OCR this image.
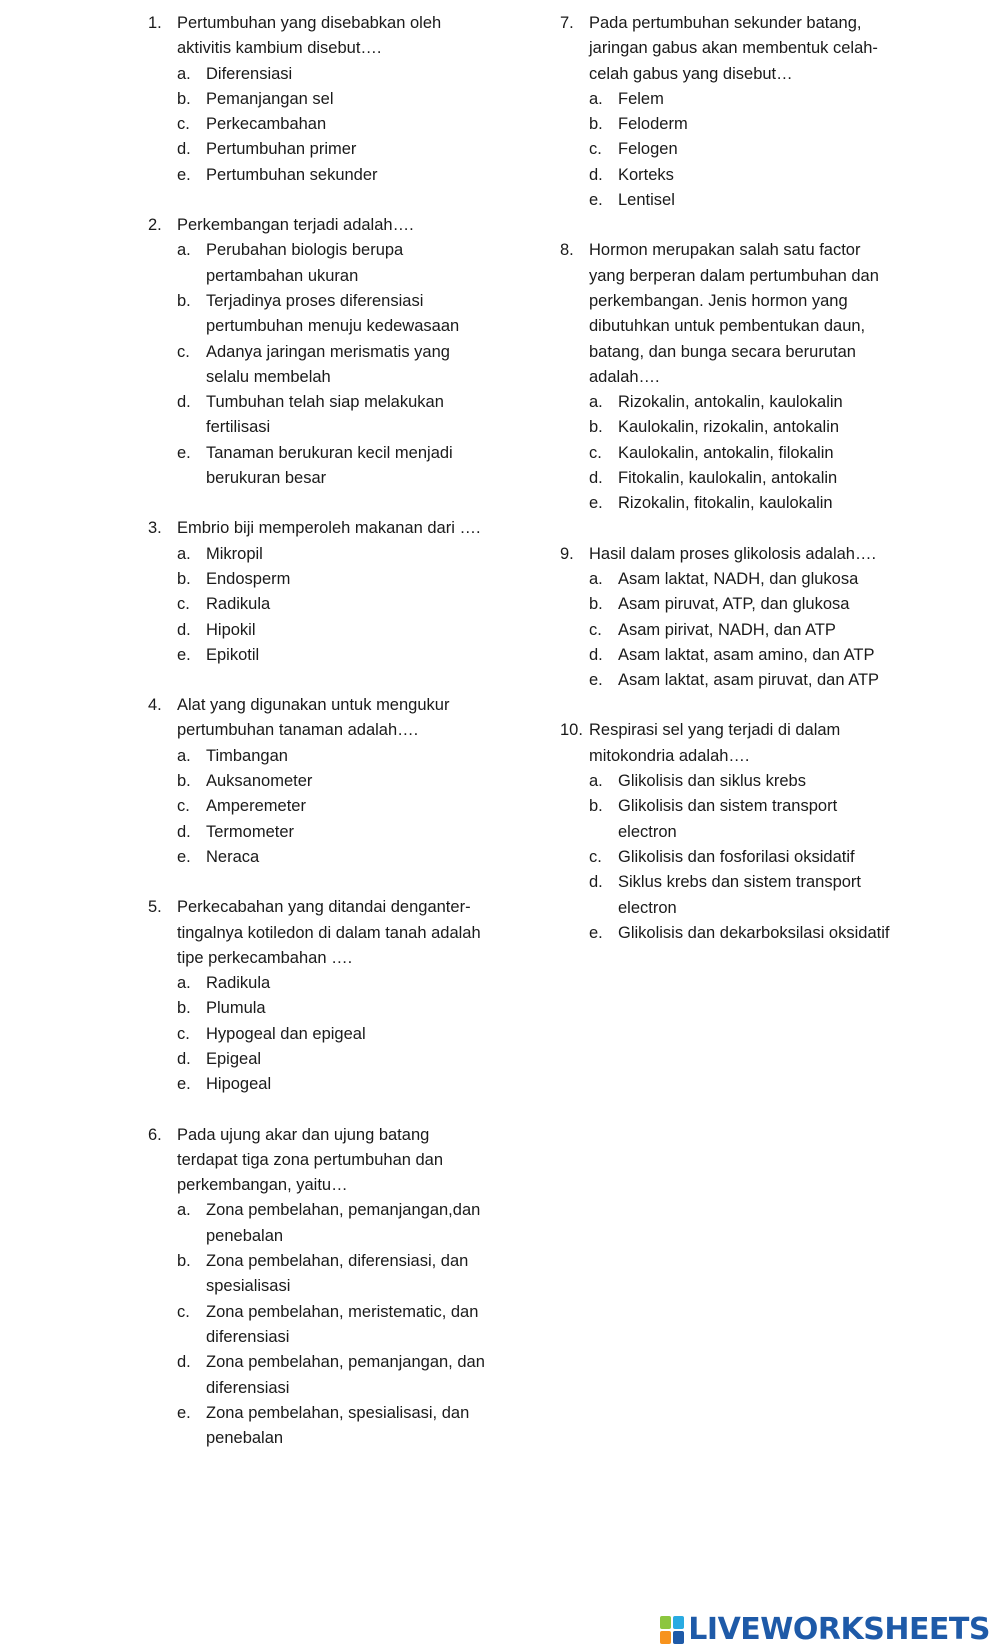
1. Pertumbuhan yang disebabkan oleh aktivitis kambium disebut….
a. Diferensiasi
b. Pemanjangan sel
c. Perkecambahan
d. Pertumbuhan primer
e. Pertumbuhan sekunder
2. Perkembangan terjadi adalah….
a. Perubahan biologis berupa pertambahan ukuran
b. Terjadinya proses diferensiasi pertumbuhan menuju kedewasaan
c. Adanya jaringan merismatis yang selalu membelah
d. Tumbuhan telah siap melakukan fertilisasi
e. Tanaman berukuran kecil menjadi berukuran besar
3. Embrio biji memperoleh makanan dari ….
a. Mikropil
b. Endosperm
c. Radikula
d. Hipokil
e. Epikotil
4. Alat yang digunakan untuk mengukur pertumbuhan tanaman adalah….
a. Timbangan
b. Auksanometer
c. Amperemeter
d. Termometer
e. Neraca
5. Perkecabahan yang ditandai dengantertingalnya kotiledon di dalam tanah adalah tipe perkecambahan ….
a. Radikula
b. Plumula
c. Hypogeal dan epigeal
d. Epigeal
e. Hipogeal
6. Pada ujung akar dan ujung batang terdapat tiga zona pertumbuhan dan perkembangan, yaitu…
a. Zona pembelahan, pemanjangan,dan penebalan
b. Zona pembelahan, diferensiasi, dan spesialisasi
c. Zona pembelahan, meristematic, dan diferensiasi
d. Zona pembelahan, pemanjangan, dan diferensiasi
e. Zona pembelahan, spesialisasi, dan penebalan
7. Pada pertumbuhan sekunder batang, jaringan gabus akan membentuk celah-celah gabus yang disebut…
a. Felem
b. Feloderm
c. Felogen
d. Korteks
e. Lentisel
8. Hormon merupakan salah satu factor yang berperan dalam pertumbuhan dan perkembangan. Jenis hormon yang dibutuhkan untuk pembentukan daun, batang, dan bunga secara berurutan adalah….
a. Rizokalin, antokalin, kaulokalin
b. Kaulokalin, rizokalin, antokalin
c. Kaulokalin, antokalin, filokalin
d. Fitokalin, kaulokalin, antokalin
e. Rizokalin, fitokalin, kaulokalin
9. Hasil dalam proses glikolosis adalah….
a. Asam laktat, NADH, dan glukosa
b. Asam piruvat, ATP, dan glukosa
c. Asam pirivat, NADH, dan ATP
d. Asam laktat, asam amino, dan ATP
e. Asam laktat, asam piruvat, dan ATP
10. Respirasi sel yang terjadi di dalam mitokondria adalah….
a. Glikolisis dan siklus krebs
b. Glikolisis dan sistem transport electron
c. Glikolisis dan fosforilasi oksidatif
d. Siklus krebs dan sistem transport electron
e. Glikolisis dan dekarboksilasi oksidatif
LIVEWORKSHEETS
